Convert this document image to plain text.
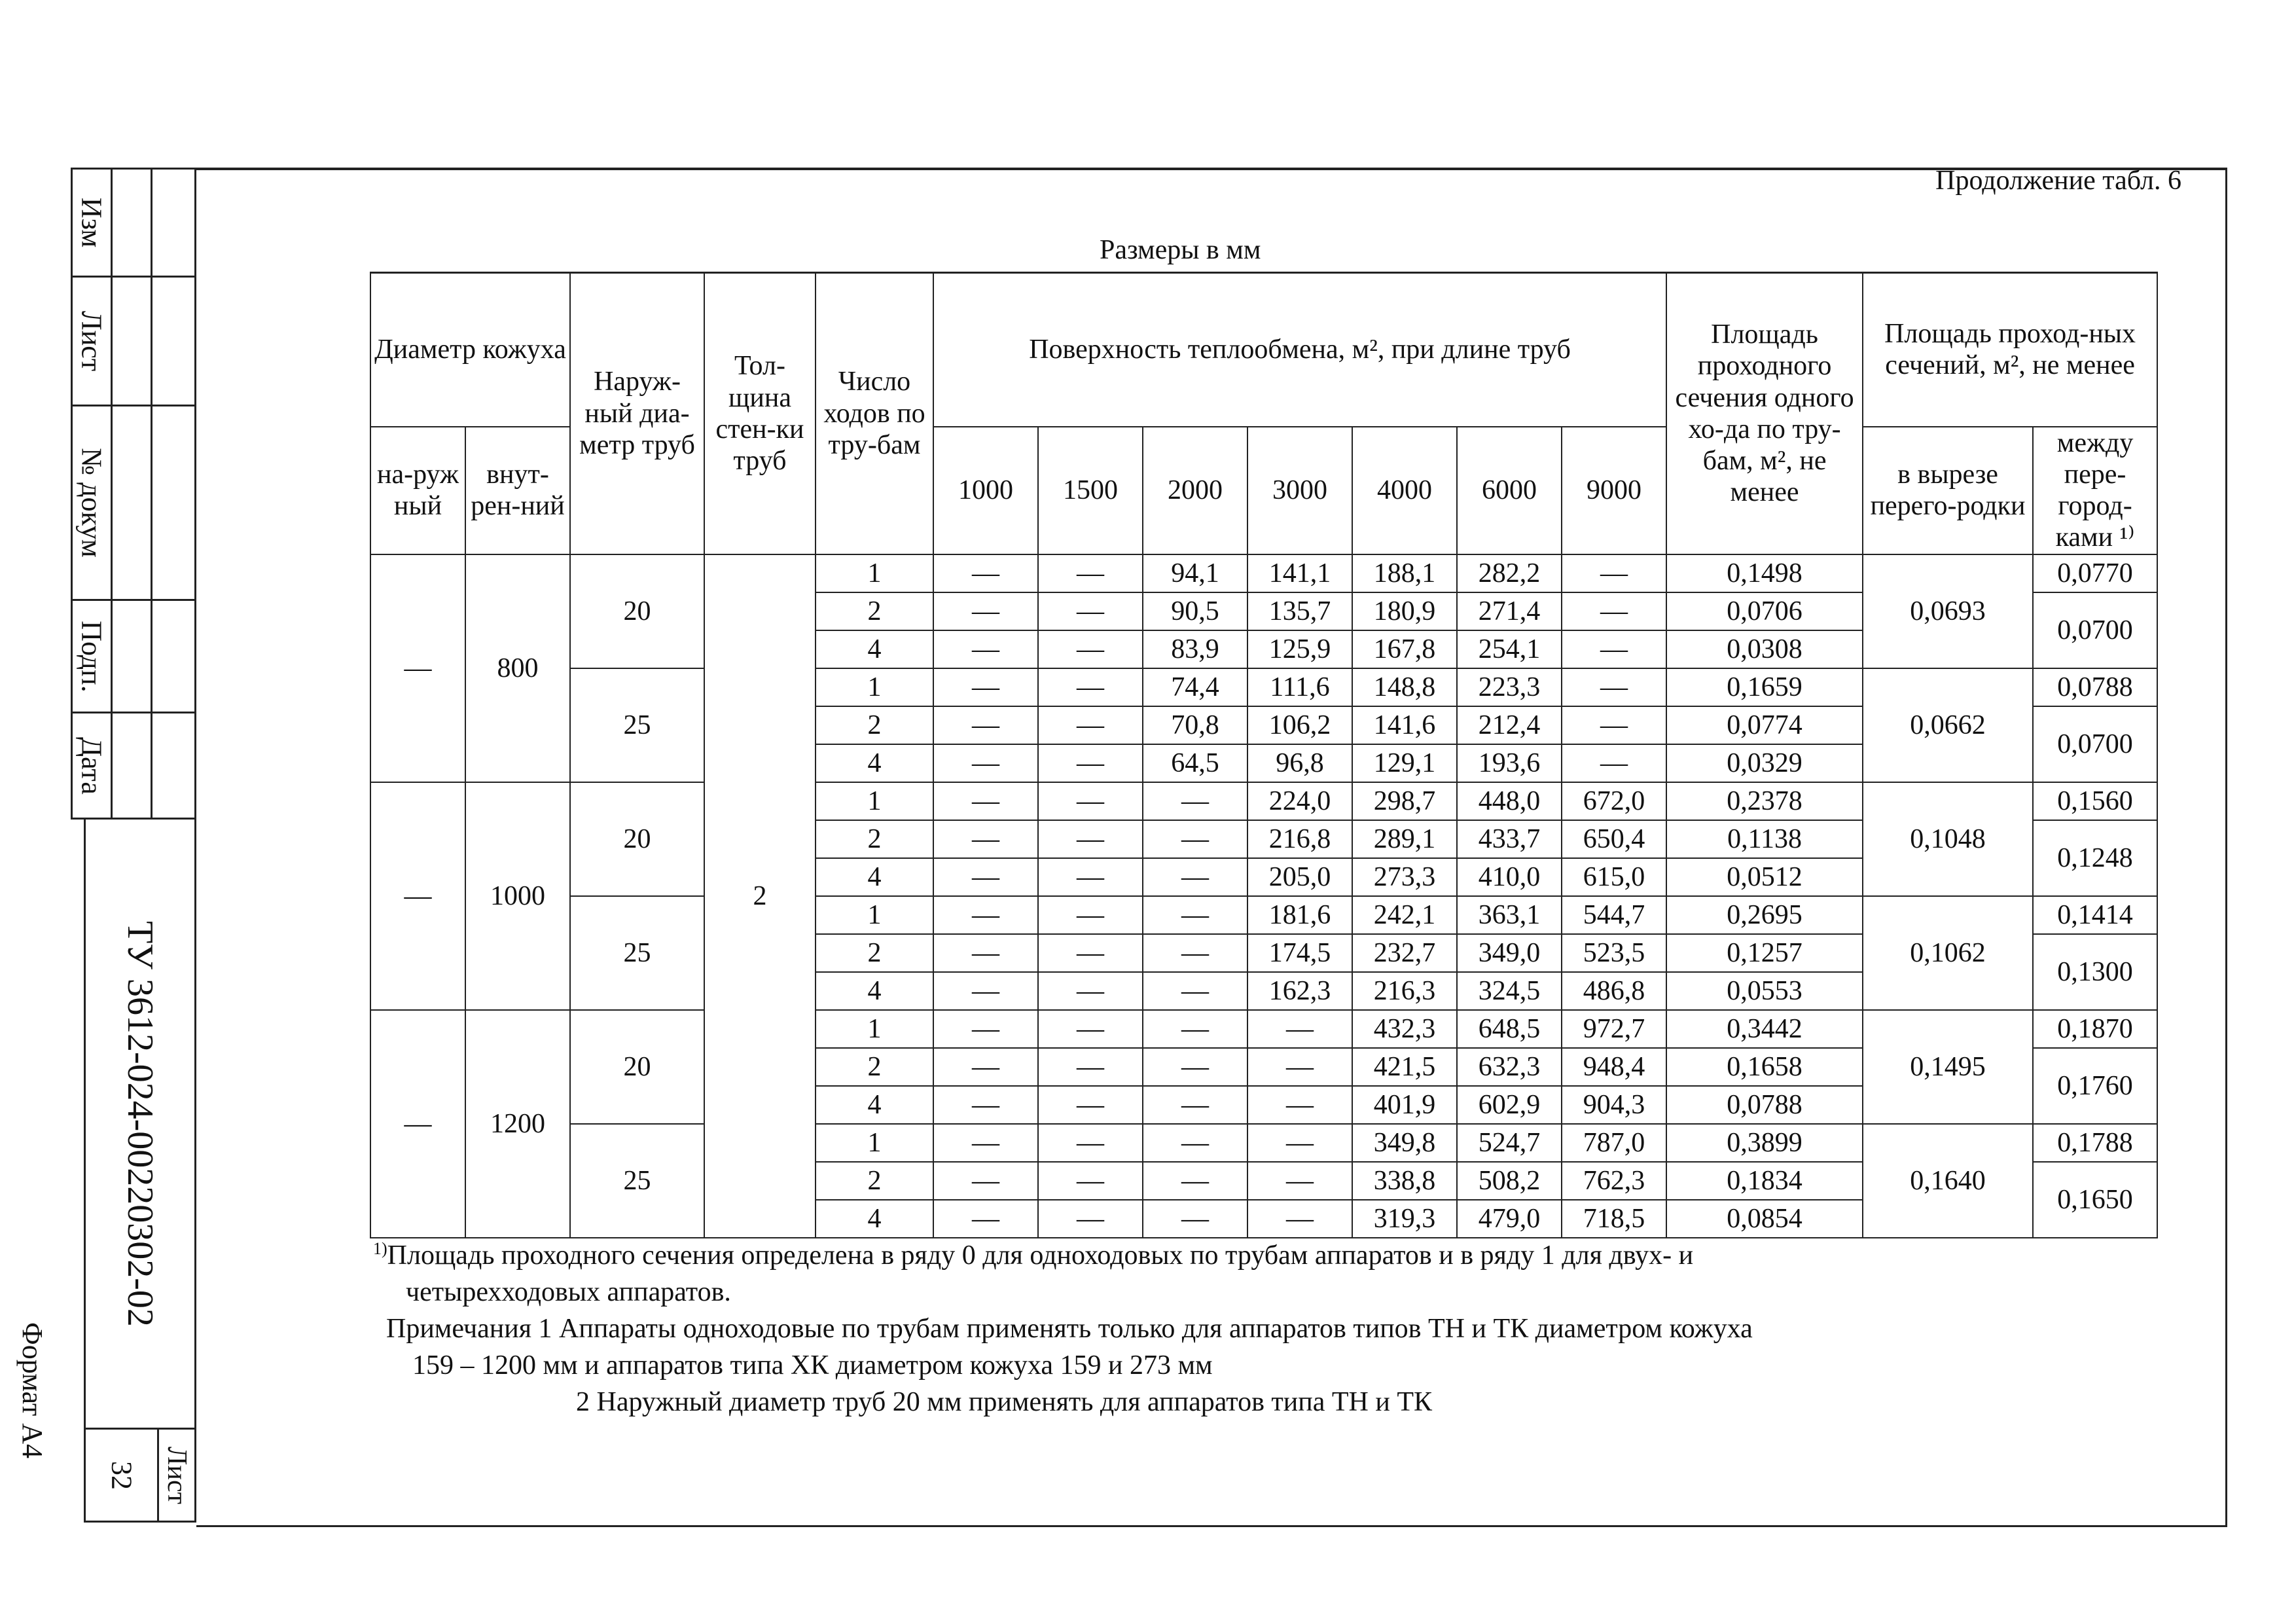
Изм
Лист
№ докум
Подп.
Дата
ТУ 3612-024-00220302-02
32 Лист
Формат А4
Продолжение табл. 6
Размеры в мм
Диаметр кожуха		Наруж-ный диа-метр труб	Тол-щина стен-ки труб	Число ходов по тру-бам	Поверхность теплообмена, м², при длине труб							Площадь проходного сечения одного хо-да по тру-бам, м², не менее	Площадь проход-ных сечений, м², не менее	
на-руж ный	внут-рен-ний				1000	1500	2000	3000	4000	6000	9000		в вырезе перего-родки	между пере-город-ками ¹⁾
—	800	20	2	1	—	—	94,1	141,1	188,1	282,2	—	0,1498	0,0693	0,0770
				2	—	—	90,5	135,7	180,9	271,4	—	0,0706		0,0700
				4	—	—	83,9	125,9	167,8	254,1	—	0,0308		
		25		1	—	—	74,4	111,6	148,8	223,3	—	0,1659	0,0662	0,0788
				2	—	—	70,8	106,2	141,6	212,4	—	0,0774		0,0700
				4	—	—	64,5	96,8	129,1	193,6	—	0,0329		
—	1000	20		1	—	—	—	224,0	298,7	448,0	672,0	0,2378	0,1048	0,1560
				2	—	—	—	216,8	289,1	433,7	650,4	0,1138		0,1248
				4	—	—	—	205,0	273,3	410,0	615,0	0,0512		
		25		1	—	—	—	181,6	242,1	363,1	544,7	0,2695	0,1062	0,1414
				2	—	—	—	174,5	232,7	349,0	523,5	0,1257		0,1300
				4	—	—	—	162,3	216,3	324,5	486,8	0,0553		
—	1200	20		1	—	—	—	—	432,3	648,5	972,7	0,3442	0,1495	0,1870
				2	—	—	—	—	421,5	632,3	948,4	0,1658		0,1760
				4	—	—	—	—	401,9	602,9	904,3	0,0788		
		25		1	—	—	—	—	349,8	524,7	787,0	0,3899	0,1640	0,1788
				2	—	—	—	—	338,8	508,2	762,3	0,1834		0,1650
				4	—	—	—	—	319,3	479,0	718,5	0,0854		

$^{1)}$Площадь проходного сечения определена в ряду 0 для одноходовых по трубам аппаратов и в ряду 1 для двух- и

четырехходовых аппаратов.

Примечания 1 Аппараты одноходовые по трубам применять только для аппаратов типов ТН и ТК диаметром кожуха

159 – 1200 мм и аппаратов типа ХК диаметром кожуха 159 и 273 мм

2 Наружный диаметр труб 20 мм применять для аппаратов типа ТН и ТК
